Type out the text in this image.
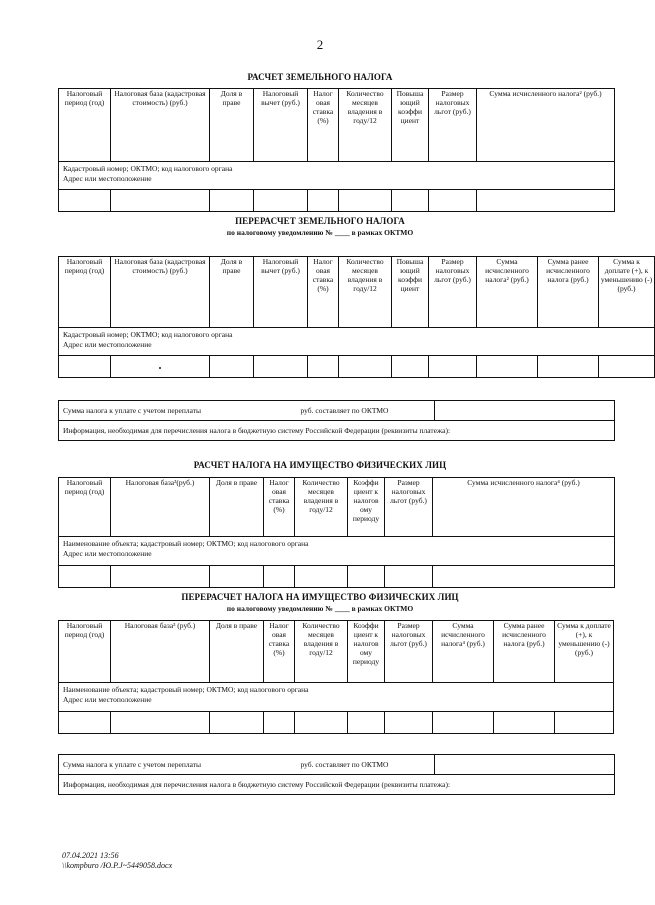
2
РАСЧЕТ ЗЕМЕЛЬНОГО НАЛОГА
Налоговый период (год)	Налоговая база (кадастровая стоимость) (руб.)	Доля в праве	Налоговый вычет (руб.)	Налог овая ставка (%)	Количество месяцев владения в году/12	Повыша ющий коэффи циент	Размер налоговых льгот (руб.)	Сумма исчисленного налога² (руб.)

Кадастровый номер; ОКТМО; код налогового органа
Адрес или местоположение								

ПЕРЕРАСЧЕТ ЗЕМЕЛЬНОГО НАЛОГА
по налоговому уведомлению № ____ в рамках ОКТМО
Налоговый период (год)	Налоговая база (кадастровая стоимость) (руб.)	Доля в праве	Налоговый вычет (руб.)	Налог овая ставка (%)	Количество месяцев владения в году/12	Повыша ющий коэффи циент	Размер налоговых льгот (руб.)	Сумма исчисленного налога² (руб.)	Сумма ранее исчисленного налога (руб.)	Сумма к доплате (+), к уменьшению (-) (руб.)

Кадастровый номер; ОКТМО; код налогового органа
Адрес или местоположение										

Сумма налога к уплате с учетом переплаты	руб. составляет по ОКТМО

Информация, необходимая для перечисления налога в бюджетную систему Российской Федерации (реквизиты платежа):
РАСЧЕТ НАЛОГА НА ИМУЩЕСТВО ФИЗИЧЕСКИХ ЛИЦ
Налоговый период (год)	Налоговая база³(руб.)	Доля в праве	Налог овая ставка (%)	Количество месяцев владения в году/12	Коэффи циент к налогов ому периоду	Размер налоговых льгот (руб.)	Сумма исчисленного налога⁴ (руб.)

Наименование объекта; кадастровый номер; ОКТМО; код налогового органа
Адрес или местоположение							

ПЕРЕРАСЧЕТ НАЛОГА НА ИМУЩЕСТВО ФИЗИЧЕСКИХ ЛИЦ
по налоговому уведомлению № ____ в рамках ОКТМО
Налоговый период (год)	Налоговая база³ (руб.)	Доля в праве	Налог овая ставка (%)	Количество месяцев владения в году/12	Коэффи циент к налогов ому периоду	Размер налоговых льгот (руб.)	Сумма исчисленного налога⁴ (руб.)	Сумма ранее исчисленного налога (руб.)	Сумма к доплате (+), к уменьшению (-) (руб.)

Наименование объекта; кадастровый номер; ОКТМО; код налогового органа
Адрес или местоположение									

Сумма налога к уплате с учетом переплаты	руб. составляет по ОКТМО

Информация, необходимая для перечисления налога в бюджетную систему Российской Федерации (реквизиты платежа):
07.04.2021 13:56
\\kompburo /Ю.Р.J~5449058.docx
